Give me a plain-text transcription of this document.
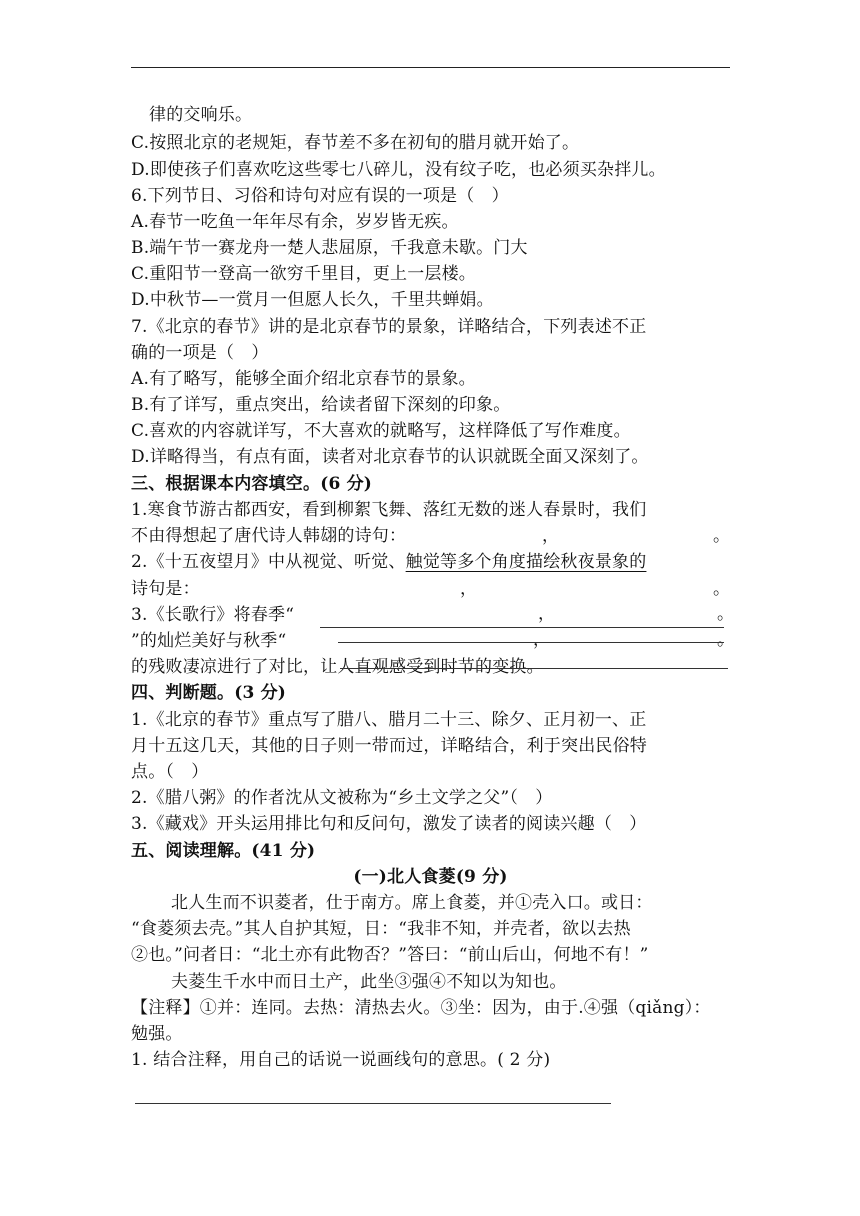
律的交响乐。
C.按照北京的老规矩，春节差不多在初旬的腊月就开始了。
D.即使孩子们喜欢吃这些零七八碎儿，没有纹子吃，也必须买杂拌儿。
6.下列节日、习俗和诗句对应有误的一项是（　）
A.春节一吃鱼一年年尽有余，岁岁皆无疾。
B.端午节一赛龙舟一楚人悲屈原，千我意未歇。门大
C.重阳节一登高一欲穷千里目，更上一层楼。
D.中秋节—一赏月一但愿人长久，千里共蝉娟。
7.《北京的春节》讲的是北京春节的景象，详略结合，下列表述不正
确的一项是（　）
A.有了略写，能够全面介绍北京春节的景象。
B.有了详写，重点突出，给读者留下深刻的印象。
C.喜欢的内容就详写，不大喜欢的就略写，这样降低了写作难度。
D.详略得当，有点有面，读者对北京春节的认识就既全面又深刻了。
三、根据课本内容填空。(6 分)
1.寒食节游古都西安，看到柳絮飞舞、落红无数的迷人春景时，我们
不由得想起了唐代诗人韩翃的诗句：	，	。
2.《十五夜望月》中从视觉、听觉、触觉等多个角度描绘秋夜景象的
诗句是：	，	。
3.《长歌行》将春季“	，	。
”的灿烂美好与秋季“	，	。
的残败凄凉进行了对比，让人直观感受到时节的变换。
四、判断题。(3 分)
1.《北京的春节》重点写了腊八、腊月二十三、除夕、正月初一、正
月十五这几天，其他的日子则一带而过，详略结合，利于突出民俗特
点。（　）
2.《腊八粥》的作者沈从文被称为“乡土文学之父”（　）
3.《藏戏》开头运用排比句和反问句，激发了读者的阅读兴趣（　）
五、阅读理解。(41 分)
(一)北人食菱(9 分)
北人生而不识菱者，仕于南方。席上食菱，并①壳入口。或日：
“食菱须去壳。”其人自护其短，日：“我非不知，并壳者，欲以去热
②也。”问者日：“北土亦有此物否？”答曰：“前山后山，何地不有！”
夫菱生千水中而日土产，此坐③强④不知以为知也。
【注释】①并：连同。去热：清热去火。③坐：因为，由于.④强（qiǎng）：
勉强。
1. 结合注释，用自己的话说一说画线句的意思。( 2 分)
